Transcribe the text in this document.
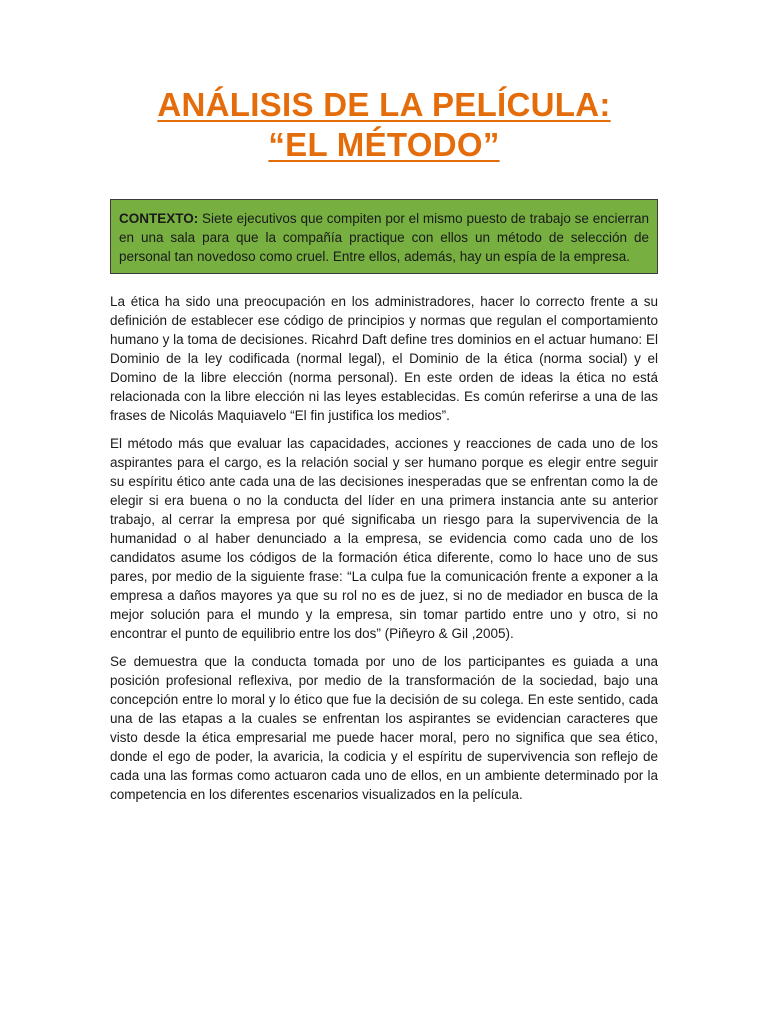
ANÁLISIS DE LA PELÍCULA:
“EL MÉTODO”
CONTEXTO: Siete ejecutivos que compiten por el mismo puesto de trabajo se encierran en una sala para que la compañía practique con ellos un método de selección de personal tan novedoso como cruel. Entre ellos, además, hay un espía de la empresa.

La ética ha sido una preocupación en los administradores, hacer lo correcto frente a su definición de establecer ese código de principios y normas que regulan el comportamiento humano y la toma de decisiones. Ricahrd Daft define tres dominios en el actuar humano: El Dominio de la ley codificada (normal legal), el Dominio de la ética (norma social) y el Domino de la libre elección (norma personal). En este orden de ideas la ética no está relacionada con la libre elección ni las leyes establecidas. Es común referirse a una de las frases de Nicolás Maquiavelo “El fin justifica los medios”.

El método más que evaluar las capacidades, acciones y reacciones de cada uno de los aspirantes para el cargo, es la relación social y ser humano porque es elegir entre seguir su espíritu ético ante cada una de las decisiones inesperadas que se enfrentan como la de elegir si era buena o no la conducta del líder en una primera instancia ante su anterior trabajo, al cerrar la empresa por qué significaba un riesgo para la supervivencia de la humanidad o al haber denunciado a la empresa, se evidencia como cada uno de los candidatos asume los códigos de la formación ética diferente, como lo hace uno de sus pares, por medio de la siguiente frase: “La culpa fue la comunicación frente a exponer a la empresa a daños mayores ya que su rol no es de juez, si no de mediador en busca de la mejor solución para el mundo y la empresa, sin tomar partido entre uno y otro, si no encontrar el punto de equilibrio entre los dos” (Piñeyro & Gil ,2005).

Se demuestra que la conducta tomada por uno de los participantes es guiada a una posición profesional reflexiva, por medio de la transformación de la sociedad, bajo una concepción entre lo moral y lo ético que fue la decisión de su colega. En este sentido, cada una de las etapas a la cuales se enfrentan los aspirantes se evidencian caracteres que visto desde la ética empresarial me puede hacer moral, pero no significa que sea ético, donde el ego de poder, la avaricia, la codicia y el espíritu de supervivencia son reflejo de cada una las formas como actuaron cada uno de ellos, en un ambiente determinado por la competencia en los diferentes escenarios visualizados en la película.
